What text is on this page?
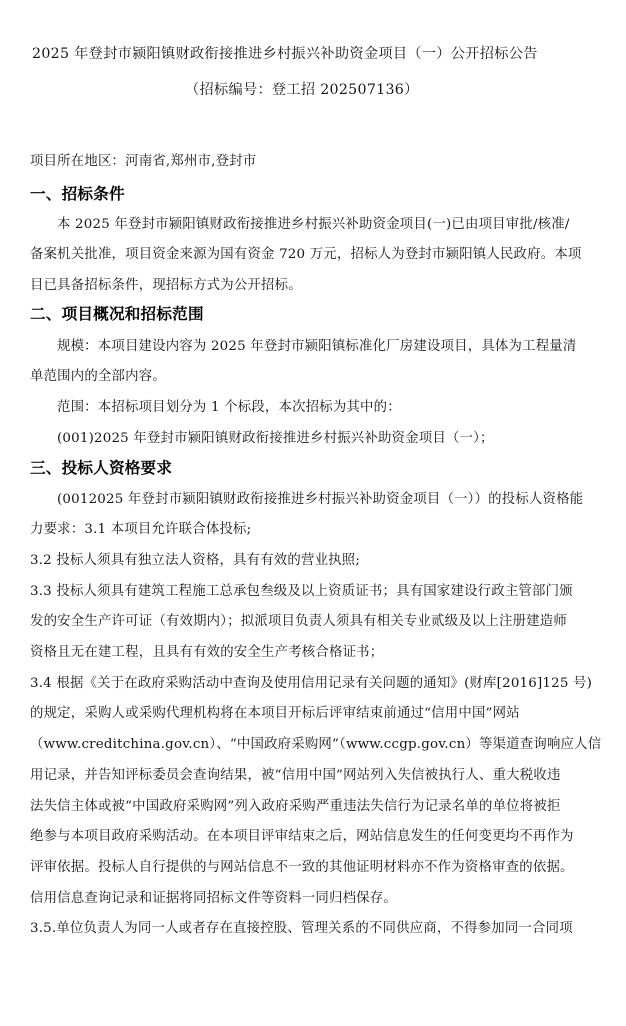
2025 年登封市颍阳镇财政衔接推进乡村振兴补助资金项目（一）公开招标公告
（招标编号：登工招 202507136）
项目所在地区：河南省,郑州市,登封市
一、招标条件
本 2025 年登封市颍阳镇财政衔接推进乡村振兴补助资金项目(一)已由项目审批/核准/
备案机关批准，项目资金来源为国有资金 720 万元，招标人为登封市颍阳镇人民政府。本项
目已具备招标条件，现招标方式为公开招标。
二、项目概况和招标范围
规模：本项目建设内容为 2025 年登封市颍阳镇标准化厂房建设项目，具体为工程量清
单范围内的全部内容。
范围：本招标项目划分为 1 个标段，本次招标为其中的：
(001)2025 年登封市颍阳镇财政衔接推进乡村振兴补助资金项目（一）；
三、投标人资格要求
(0012025 年登封市颍阳镇财政衔接推进乡村振兴补助资金项目（一））的投标人资格能
力要求：3.1 本项目允许联合体投标;
3.2 投标人须具有独立法人资格，具有有效的营业执照;
3.3 投标人须具有建筑工程施工总承包叁级及以上资质证书；具有国家建设行政主管部门颁
发的安全生产许可证（有效期内）；拟派项目负责人须具有相关专业贰级及以上注册建造师
资格且无在建工程，且具有有效的安全生产考核合格证书；
3.4 根据《关于在政府采购活动中查询及使用信用记录有关问题的通知》(财库[2016]125 号)
的规定，采购人或采购代理机构将在本项目开标后评审结束前通过“信用中国”网站
（www.creditchina.gov.cn）、“中国政府采购网”（www.ccgp.gov.cn）等渠道查询响应人信
用记录，并告知评标委员会查询结果，被“信用中国”网站列入失信被执行人、重大税收违
法失信主体或被“中国政府采购网”列入政府采购严重违法失信行为记录名单的单位将被拒
绝参与本项目政府采购活动。在本项目评审结束之后，网站信息发生的任何变更均不再作为
评审依据。投标人自行提供的与网站信息不一致的其他证明材料亦不作为资格审查的依据。
信用信息查询记录和证据将同招标文件等资料一同归档保存。
3.5.单位负责人为同一人或者存在直接控股、管理关系的不同供应商，不得参加同一合同项
